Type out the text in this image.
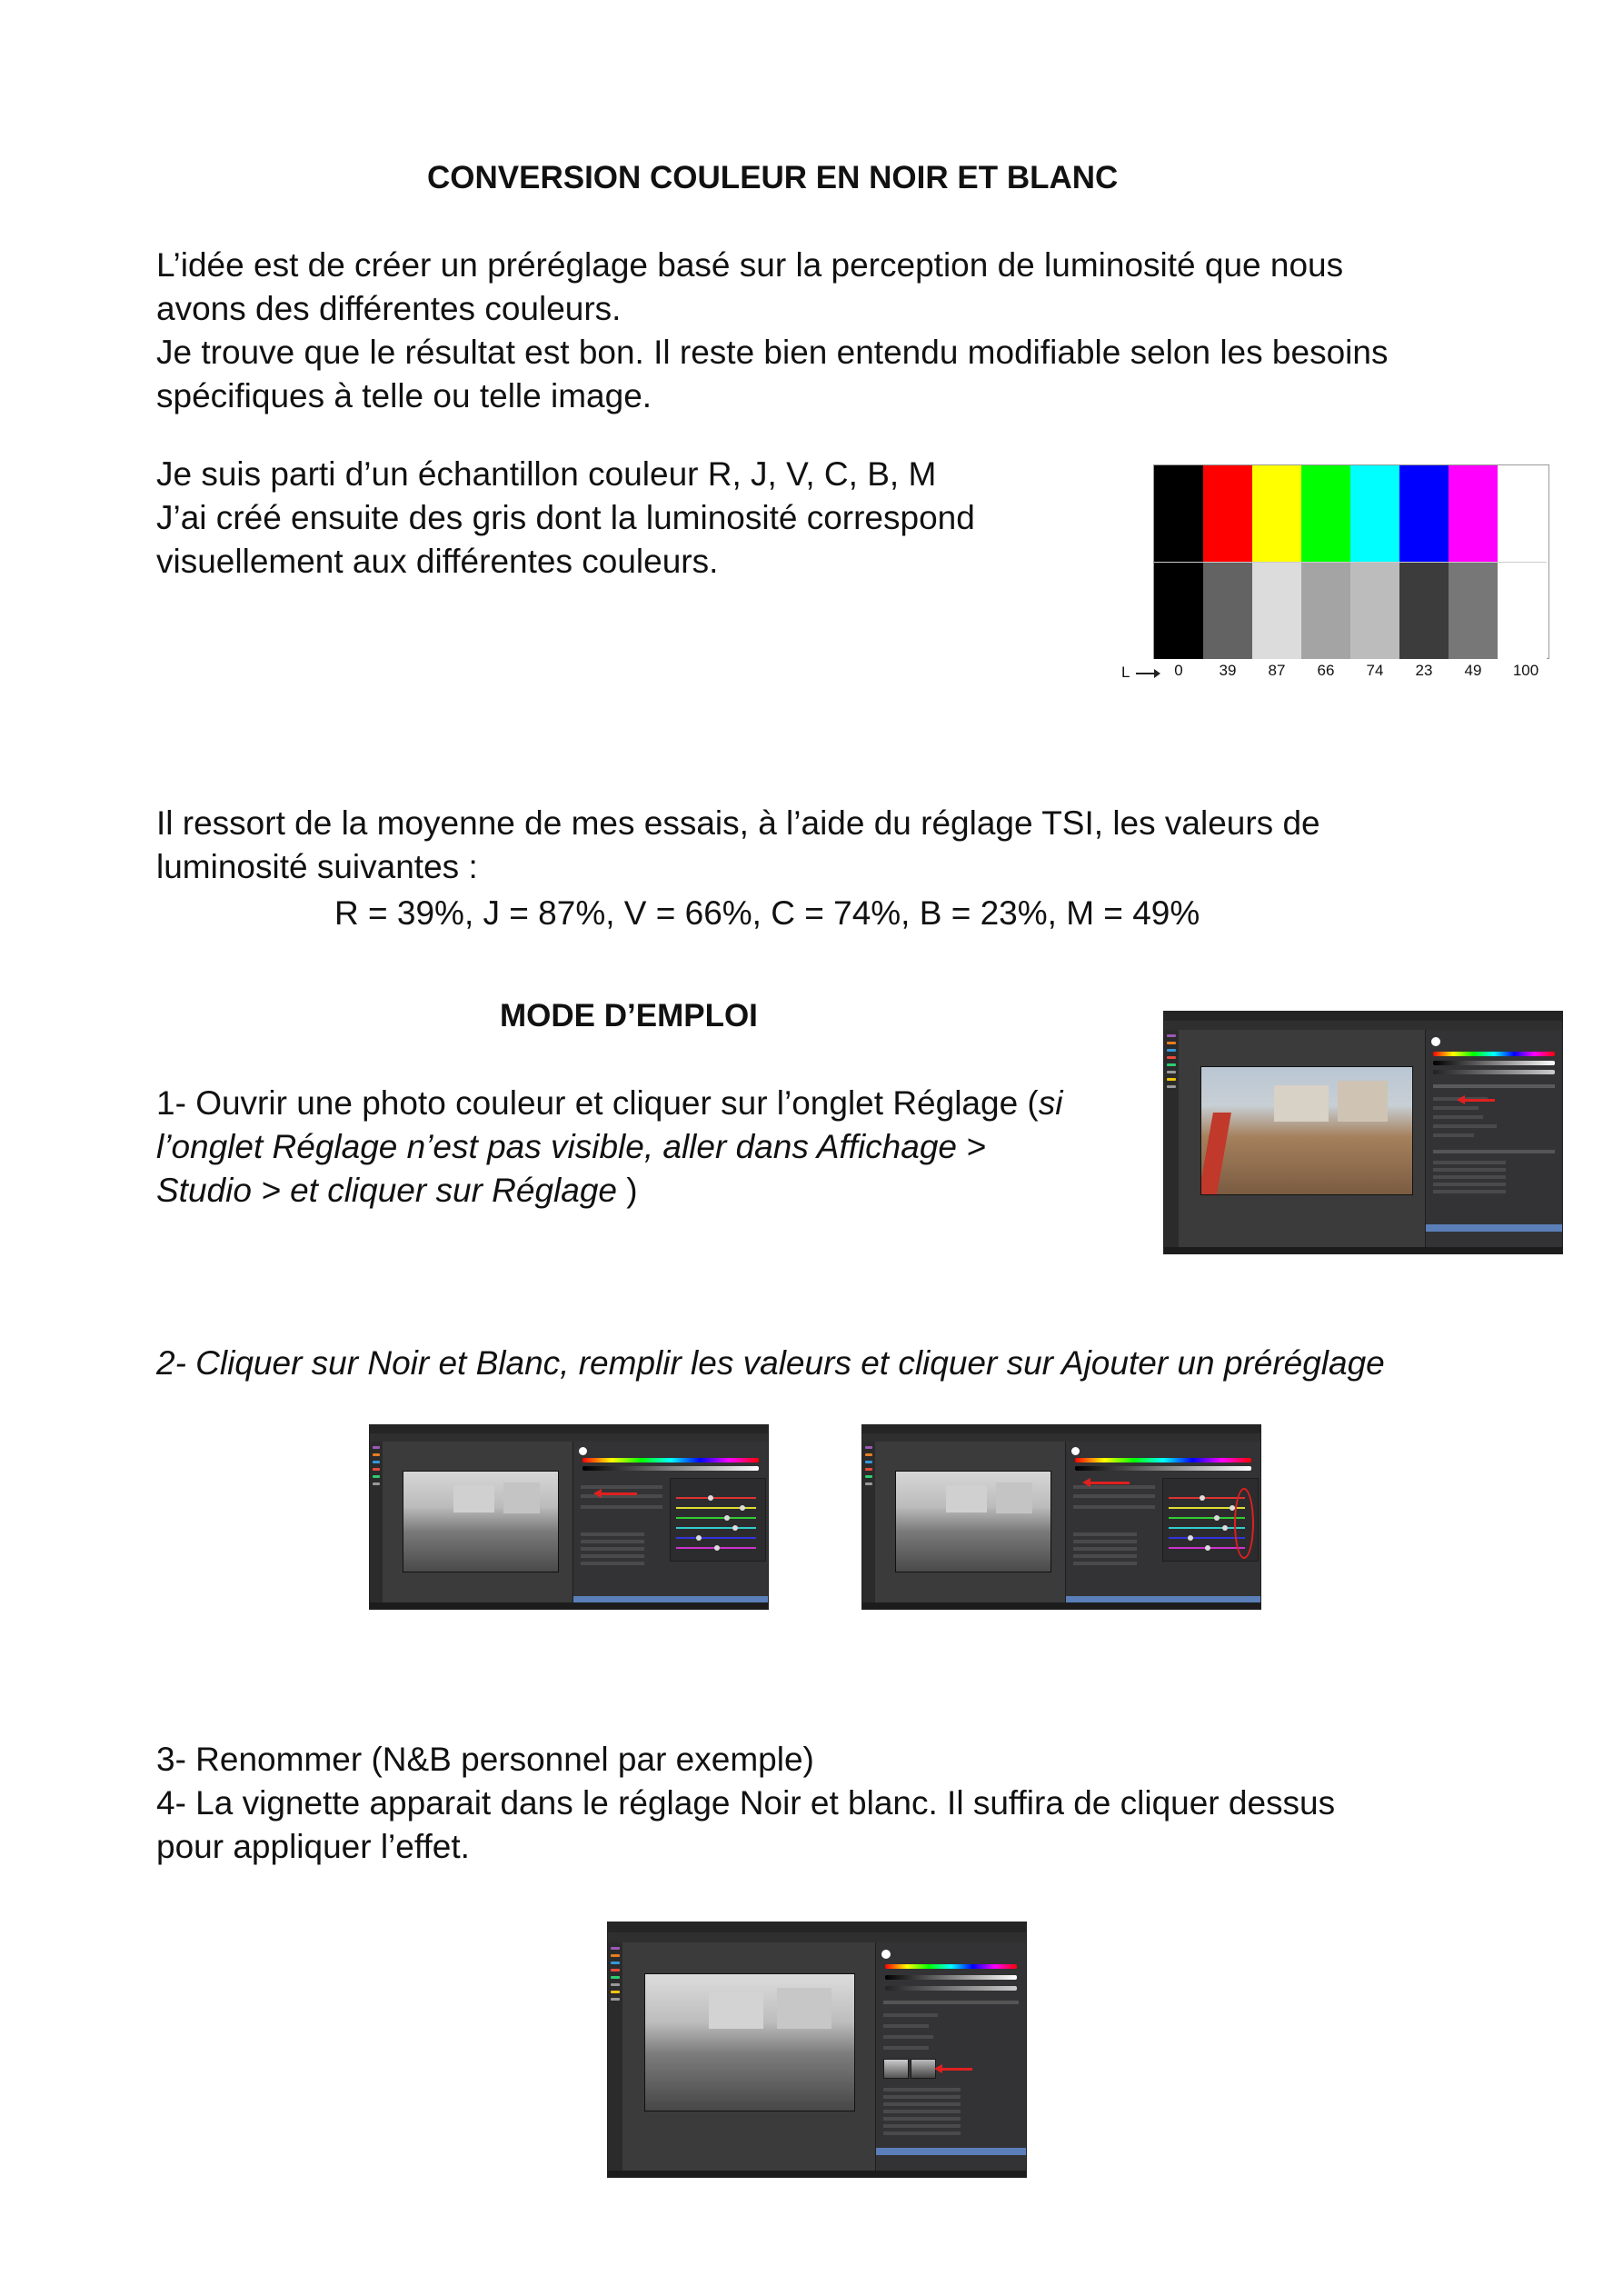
CONVERSION COULEUR EN NOIR ET BLANC
L’idée est de créer un préréglage basé sur la perception de luminosité que nous
avons des différentes couleurs.
Je trouve que le résultat est bon. Il reste bien entendu modifiable selon les besoins
spécifiques à telle ou telle image.
Je suis parti d’un échantillon couleur R, J, V, C, B, M
J’ai créé ensuite des gris dont la luminosité correspond
visuellement aux différentes couleurs.
L	0	39	87	66	74	23	49	100
Il ressort de la moyenne de mes essais, à l’aide du réglage TSI, les valeurs de
luminosité suivantes :
R = 39%, J = 87%, V = 66%, C = 74%, B = 23%, M = 49%
MODE D’EMPLOI
1- Ouvrir une photo couleur et cliquer sur l’onglet Réglage (si
l’onglet Réglage n’est pas visible, aller dans Affichage >
Studio > et cliquer sur Réglage )
2- Cliquer sur Noir et Blanc, remplir les valeurs et cliquer sur Ajouter un préréglage
3- Renommer (N&B personnel par exemple)
4- La vignette apparait dans le réglage Noir et blanc. Il suffira de cliquer dessus
pour appliquer l’effet.
